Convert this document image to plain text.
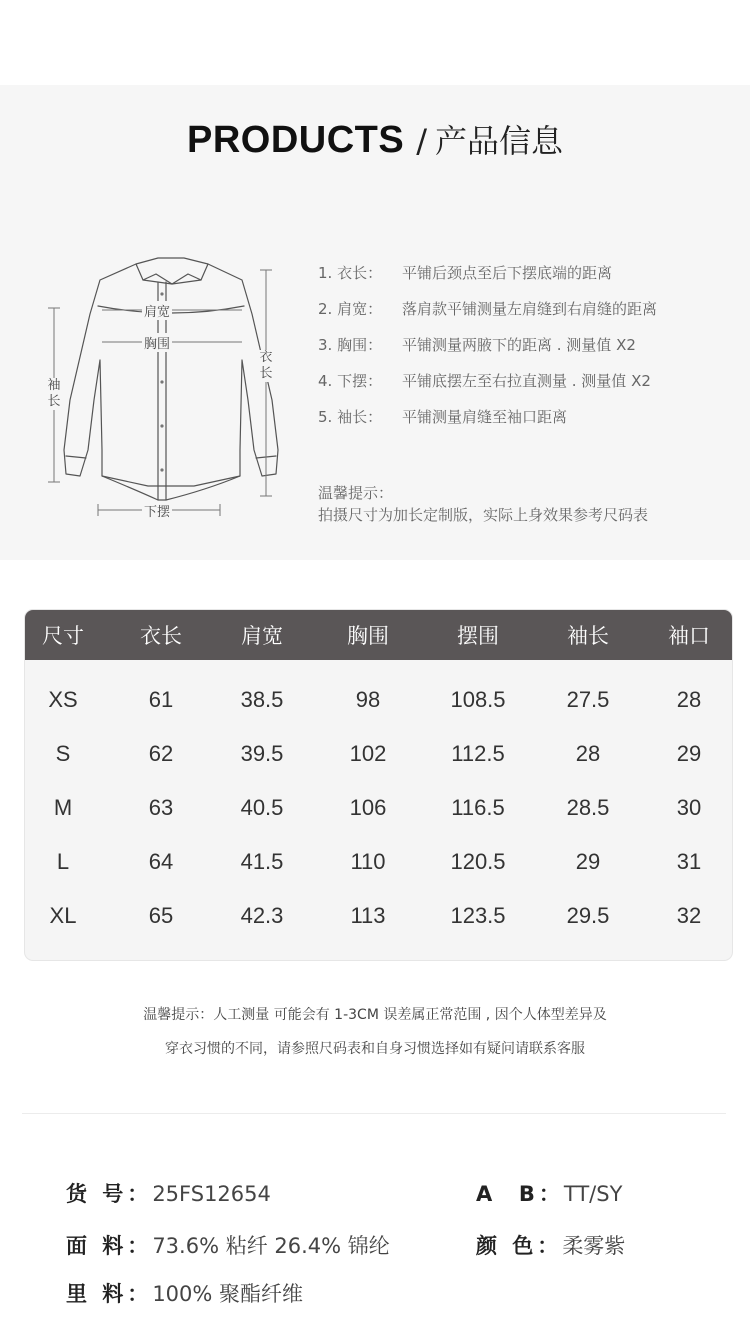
PRODUCTS / 产品信息
肩宽
胸围
衣长
袖长
下摆
1. 衣长： 平铺后颈点至后下摆底端的距离
2. 肩宽： 落肩款平铺测量左肩缝到右肩缝的距离
3. 胸围： 平铺测量两腋下的距离 . 测量值 X2
4. 下摆： 平铺底摆左至右拉直测量 . 测量值 X2
5. 袖长： 平铺测量肩缝至袖口距离
温馨提示：
拍摄尺寸为加长定制版，实际上身效果参考尺码表
尺寸	衣长	肩宽	胸围	摆围	袖长	袖口
XS	61	38.5	98	108.5	27.5	28
S	62	39.5	102	112.5	28	29
M	63	40.5	106	116.5	28.5	30
L	64	41.5	110	120.5	29	31
XL	65	42.3	113	123.5	29.5	32
温馨提示：人工测量 可能会有 1-3CM 误差属正常范围 , 因个人体型差异及
穿衣习惯的不同，请参照尺码表和自身习惯选择如有疑问请联系客服
货 号：25FS12654	A  B：TT/SY
面 料：73.6% 粘纤 26.4% 锦纶	颜 色：柔雾紫
里 料：100% 聚酯纤维
